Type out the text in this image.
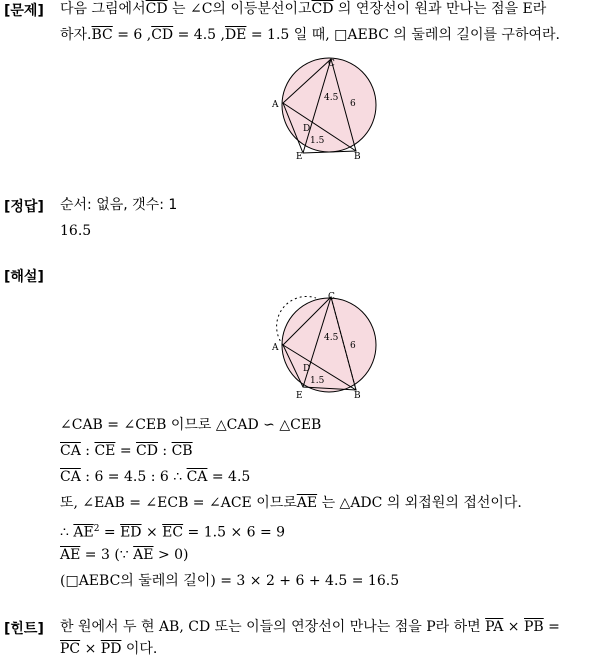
[문제] 다음 그림에서$\overline{CD}$ 는 ∠C의 이등분선이고$\overline{CD}$ 의 연장선이 원과 만나는 점을 E라
하자$.\overline{BC} = 6$ $,\overline{CD} = 4.5$ $,\overline{DE} = 1.5$ 일 때, □AEBC 의 둘레의 길이를 구하여라.
C
A
D
E	B
4.5
6
1.5
[정답] 순서: 없음, 갯수: 1
16.5
[해설]
C
A
D
E	B
4.5
6
1.5
∠CAB = ∠CEB 이므로 △CAD ∽ △CEB
$\overline{CA}$ : $\overline{CE} = \overline{CD}$ : $\overline{CB}$
$\overline{CA}$ : 6 = 4.5 : 6 ∴ $\overline{CA} = 4.5$
또, ∠EAB = ∠ECB = ∠ACE 이므로$\overline{AE}$ 는 △ADC 의 외접원의 접선이다.
∴ $\overline{AE}^2 = \overline{ED} \times \overline{EC} = 1.5 \times 6 = 9$
$\overline{AE} = 3$ (∵ $\overline{AE} > 0$)
(□AEBC의 둘레의 길이) = 3 × 2 + 6 + 4.5 = 16.5
[힌트] 한 원에서 두 현 AB, CD 또는 이들의 연장선이 만나는 점을 P라 하면 $\overline{PA} \times \overline{PB}$ =
$\overline{PC} \times \overline{PD}$ 이다.
